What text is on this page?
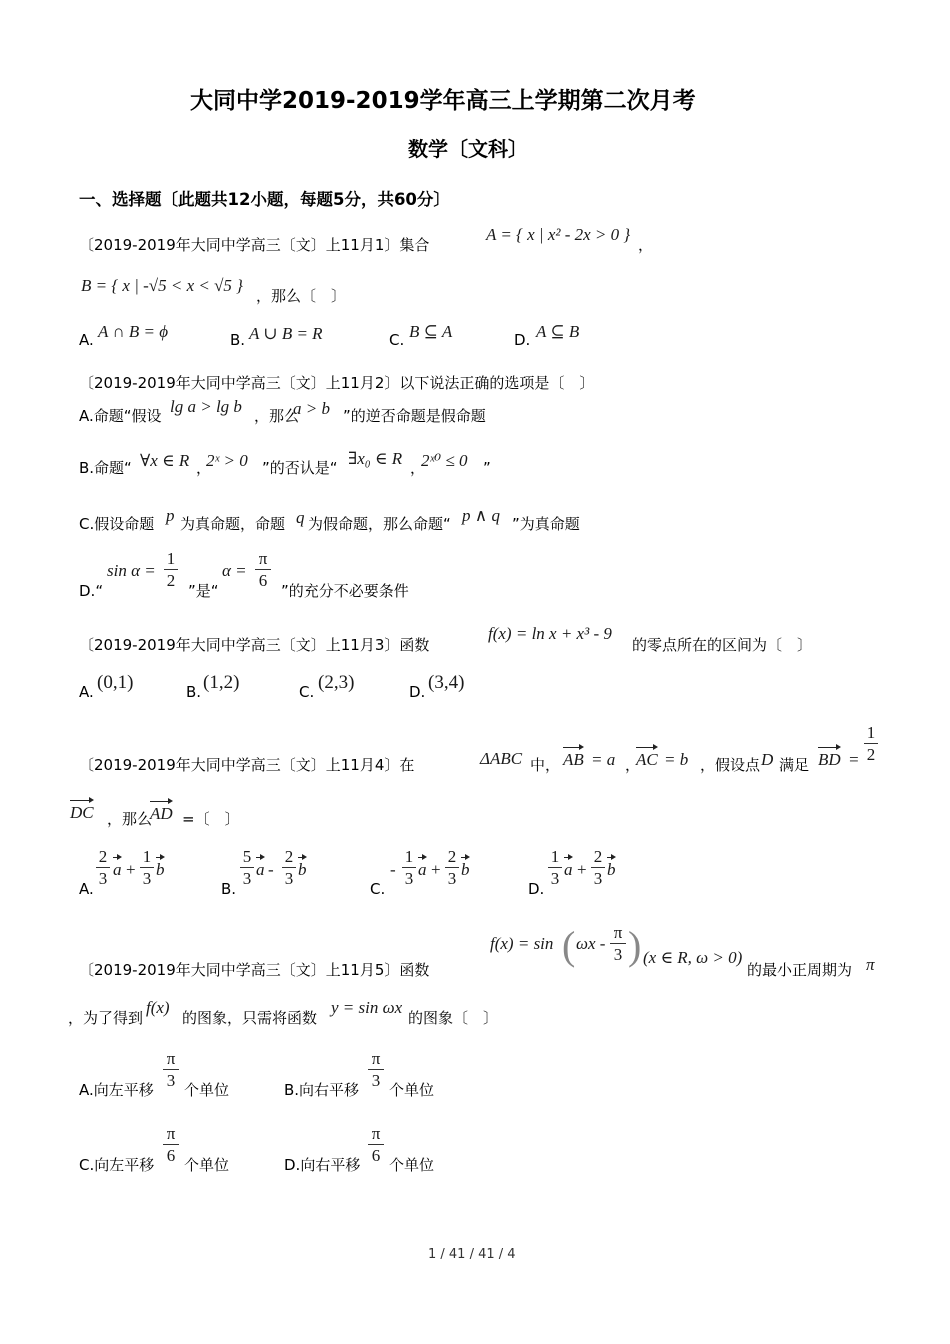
大同中学2019-2019学年高三上学期第二次月考
数学〔文科〕
一、选择题〔此题共12小题，每题5分，共60分〕
〔2019-2019年大同中学高三〔文〕上11月1〕集合
A = { x | x² - 2x > 0 }
，
B = { x | -√5 < x < √5 }
，那么〔　〕
A. A ∩ B = ϕ	B. A ∪ B = R	C. B ⊆ A	D. A ⊆ B
〔2019-2019年大同中学高三〔文〕上11月2〕以下说法正确的选项是〔　〕
A.命题“假设 lg a > lg b ，那么
a > b ”的逆否命题是假命题
B.命题“ ∀x ∈ R ，
2ˣ > 0 ”的否认是“ ∃x₀ ∈ R ，
2ˣ⁰ ≤ 0 ”
C.假设命题 p 为真命题，命题 q 为假命题，那么命题“ p ∧ q ”为真命题
D.“
sin α =
1
2
”是“
α =
π
6
”的充分不必要条件
〔2019-2019年大同中学高三〔文〕上11月3〕函数
f(x) = ln x + x³ - 9
的零点所在的区间为〔　〕
A. (0,1)	B. (1,2)	C. (2,3)	D. (3,4)
〔2019-2019年大同中学高三〔文〕上11月4〕在	ΔABC 中， AB = a ，
AC = b ，假设点 D 满足 BD =
1
2
DC ，那么
AD =〔　〕
A.
2
3 a +
1
3 b
B.
5
3 a -
2
3 b
C.
-
1
3 a +
2
3 b
D.
1
3 a +
2
3 b
f(x) = sin ( ωx -
π
3 ) (x ∈ R, ω > 0)
〔2019-2019年大同中学高三〔文〕上11月5〕函数	的最小正周期为 π
，为了得到
f(x)
的图象，只需将函数
y = sin ωx
的图象〔　〕
A.向左平移
π
3 个单位	B.向右平移
π
3 个单位
C.向左平移
π
6 个单位	D.向右平移
π
6 个单位
1 / 41 / 41 / 4
